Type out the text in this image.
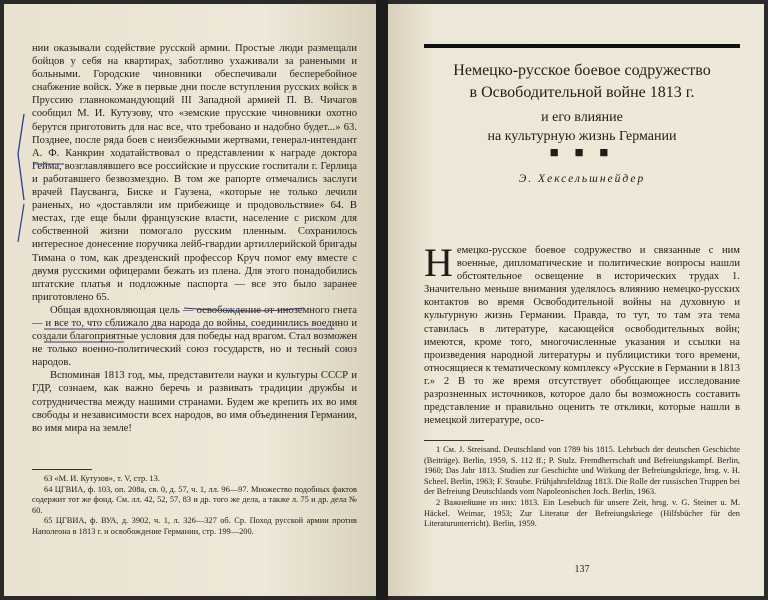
нии оказывали содействие русской армии. Простые люди размещали бойцов у себя на квартирах, заботливо ухаживали за ранеными и больными. Городские чиновники обеспечивали бесперебойное снабжение войск. Уже в первые дни после вступления русских войск в Пруссию главнокомандующий III Западной армией П. В. Чичагов сообщил М. И. Кутузову, что «земские прусские чиновники охотно берутся приготовить для нас все, что требовано и надобно будет...» 63. Позднее, после ряда боев с неизбежными жертвами, генерал-интендант А. Ф. Канкрин ходатайствовал о представлении к награде доктора Гейма, возглавлявшего все российские и прусские госпитали г. Герлица и работавшего безвозмездно. В том же рапорте отмечались заслуги врачей Паусванга, Биске и Гаузена, «которые не только лечили раненых, но «доставляли им прибежище и продовольствие» 64. В местах, где еще были французские власти, население с риском для собственной жизни помогало русским пленным. Сохранилось интересное донесение поручика лейб-гвардии артиллерийской бригады Тимана о том, как дрезденский профессор Круч помог ему вместе с двумя русскими офицерами бежать из плена. Для этого понадобились штатские платья и подложные паспорта — все это было заранее приготовлено 65.

Общая вдохновляющая цель — освобождение от иноземного гнета — и все то, что сближало два народа до войны, соединились воедино и создали благоприятные условия для победы над врагом. Стал возможен не только военно-политический союз государств, но и тесный союз народов.

Вспоминая 1813 год, мы, представители науки и культуры СССР и ГДР, сознаем, как важно беречь и развивать традиции дружбы и сотрудничества между нашими странами. Будем же крепить их во имя свободы и независимости всех народов, во имя объединения Германии, во имя мира на земле!

63 «М. И. Кутузов», т. V, стр. 13.

64 ЦГВИА, ф. 103, оп. 208а, св. 0, д. 57, ч. 1, лл. 96—97. Множество подобных фактов содержит тот же фонд. См. лл. 42, 52, 57, 83 и др. того же дела, а также л. 75 и др. дела № 60.

65 ЦГВИА, ф. ВУА, д. 3902, ч. 1, л. 326—327 об. Ср. Поход русской армии против Наполеона в 1813 г. и освобождение Германии, стр. 199—200.

Немецко-русское боевое содружество
в Освободительной войне 1813 г.
и его влияние
на культурную жизнь Германии
■ ■ ■
Э. Хексельшнейдер
Н емецко-русское боевое содружество и связанные с ним военные, дипломатические и политические вопросы нашли обстоятельное освещение в исторических трудах 1. Значительно меньше внимания уделялось влиянию немецко-русских контактов во время Освободительной войны на духовную и культурную жизнь Германии. Правда, то тут, то там эта тема ставилась в литературе, касающейся освободительных войн; имеются, кроме того, многочисленные указания и ссылки на произведения народной литературы и публицистики того времени, относящиеся к тематическому комплексу «Русские в Германии в 1813 г.» 2 В то же время отсутствует обобщающее исследование разрозненных источников, которое дало бы возможность составить представление и правильно оценить те отклики, которые нашли в немецкой литературе, осо-

1 См. J. Streisand. Deutschland von 1789 bis 1815. Lehrbuch der deutschen Geschichte (Beiträge). Berlin, 1959, S. 112 ff.; P. Stulz. Fremdherrschaft und Befreiungskampf. Berlin, 1960; Das Jahr 1813. Studien zur Geschichte und Wirkung der Befreiungskriege, hrsg. v. H. Scheel. Berlin, 1963; F. Straube. Frühjahrsfeldzug 1813. Die Rolle der russischen Truppen bei der Befreiung Deutschlands vom Napoleonischen Joch. Berlin, 1963.

2 Важнейшие из них: 1813. Ein Lesebuch für unsere Zeit, hrsg. v. G. Steiner u. M. Häckel. Weimar, 1953; Zur Literatur der Befreiungskriege (Hilfsbücher für den Literaturunterricht). Berlin, 1959.

137
